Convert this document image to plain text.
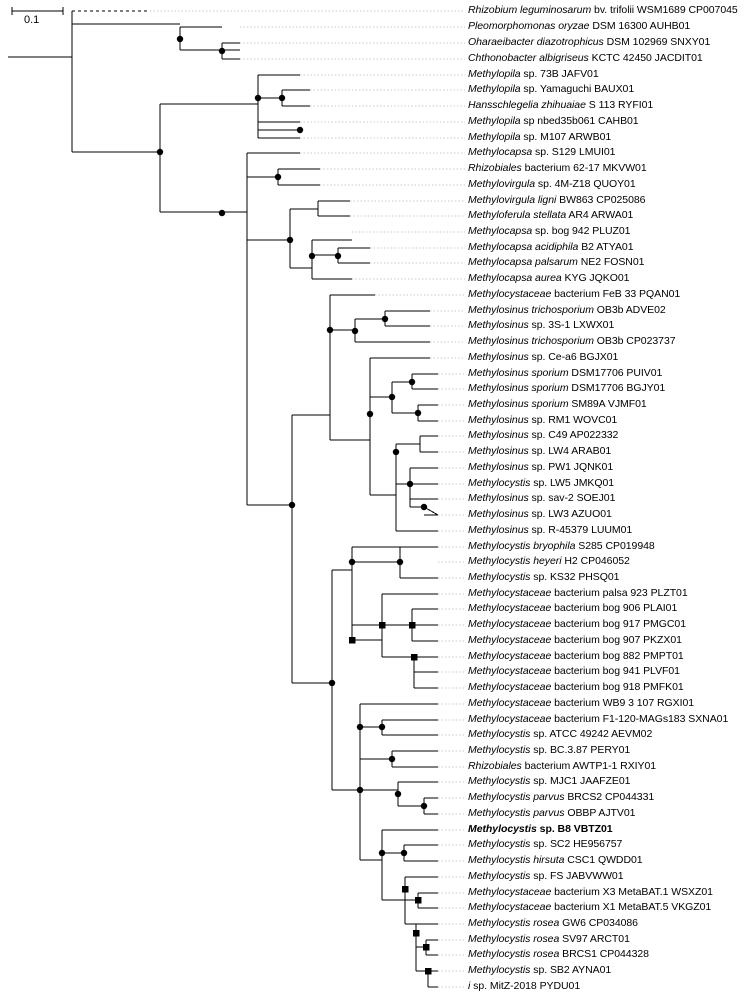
0.1
Rhizobium leguminosarum bv. trifolii WSM1689 CP007045
Pleomorphomonas oryzae DSM 16300 AUHB01
Oharaeibacter diazotrophicus DSM 102969 SNXY01
Chthonobacter albigriseus KCTC 42450 JACDIT01
Methylopila sp. 73B JAFV01
Methylopila sp. Yamaguchi BAUX01
Hansschlegelia zhihuaiae S 113 RYFI01
Methylopila sp nbed35b061 CAHB01
Methylopila sp. M107 ARWB01
Methylocapsa sp. S129 LMUI01
Rhizobiales bacterium 62-17 MKVW01
Methylovirgula sp. 4M-Z18 QUOY01
Methylovirgula ligni BW863 CP025086
Methyloferula stellata AR4 ARWA01
Methylocapsa sp. bog 942 PLUZ01
Methylocapsa acidiphila B2 ATYA01
Methylocapsa palsarum NE2 FOSN01
Methylocapsa aurea KYG JQKO01
Methylocystaceae bacterium FeB 33 PQAN01
Methylosinus trichosporium OB3b ADVE02
Methylosinus sp. 3S-1 LXWX01
Methylosinus trichosporium OB3b CP023737
Methylosinus sp. Ce-a6 BGJX01
Methylosinus sporium DSM17706 PUIV01
Methylosinus sporium DSM17706 BGJY01
Methylosinus sporium SM89A VJMF01
Methylosinus sp. RM1 WOVC01
Methylosinus sp. C49 AP022332
Methylosinus sp. LW4 ARAB01
Methylosinus sp. PW1 JQNK01
Methylocystis sp. LW5 JMKQ01
Methylosinus sp. sav-2 SOEJ01
Methylosinus sp. LW3 AZUO01
Methylosinus sp. R-45379 LUUM01
Methylocystis bryophila S285 CP019948
Methylocystis heyeri H2 CP046052
Methylocystis sp. KS32 PHSQ01
Methylocystaceae bacterium palsa 923 PLZT01
Methylocystaceae bacterium bog 906 PLAI01
Methylocystaceae bacterium bog 917 PMGC01
Methylocystaceae bacterium bog 907 PKZX01
Methylocystaceae bacterium bog 882 PMPT01
Methylocystaceae bacterium bog 941 PLVF01
Methylocystaceae bacterium bog 918 PMFK01
Methylocystaceae bacterium WB9 3 107 RGXI01
Methylocystaceae bacterium F1-120-MAGs183 SXNA01
Methylocystis sp. ATCC 49242 AEVM02
Methylocystis sp. BC.3.87 PERY01
Rhizobiales bacterium AWTP1-1 RXIY01
Methylocystis sp. MJC1 JAAFZE01
Methylocystis parvus BRCS2 CP044331
Methylocystis parvus OBBP AJTV01
Methylocystis sp. B8 VBTZ01
Methylocystis sp. SC2 HE956757
Methylocystis hirsuta CSC1 QWDD01
Methylocystis sp. FS JABVWW01
Methylocystaceae bacterium X3 MetaBAT.1 WSXZ01
Methylocystaceae bacterium X1 MetaBAT.5 VKGZ01
Methylocystis rosea GW6 CP034086
Methylocystis rosea SV97 ARCT01
Methylocystis rosea BRCS1 CP044328
Methylocystis sp. SB2 AYNA01
i sp. MitZ-2018 PYDU01
